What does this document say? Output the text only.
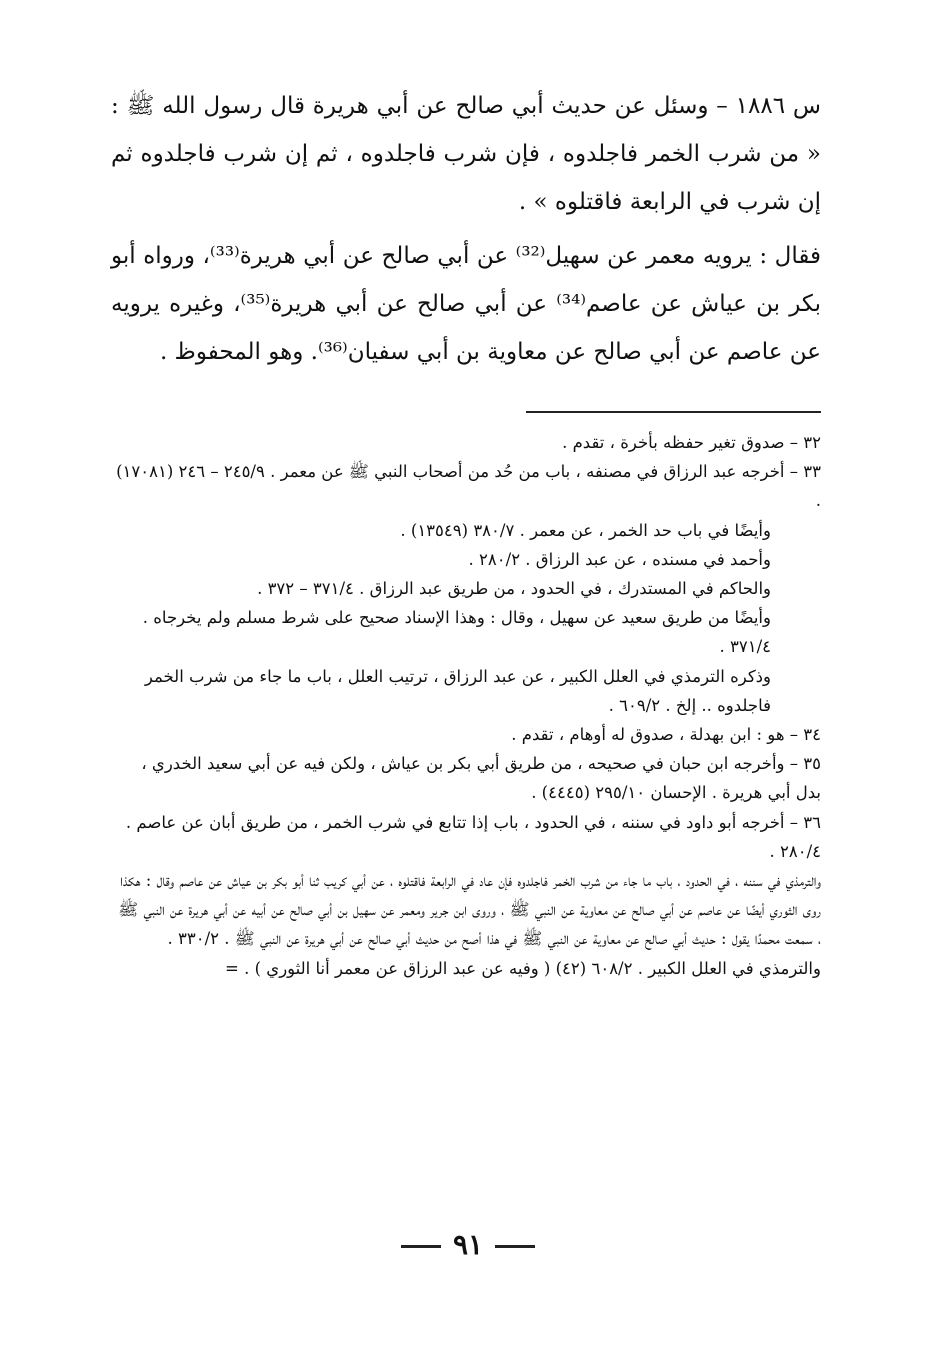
س ١٨٨٦ – وسئل عن حديث أبي صالح عن أبي هريرة قال رسول الله ﷺ : « من شرب الخمر فاجلدوه ، فإن شرب فاجلدوه ، ثم إن شرب فاجلدوه ثم إن شرب في الرابعة فاقتلوه » .

فقال : يرويه معمر عن سهيل⁽³²⁾ عن أبي صالح عن أبي هريرة⁽³³⁾، ورواه أبو بكر بن عياش عن عاصم⁽³⁴⁾ عن أبي صالح عن أبي هريرة⁽³⁵⁾، وغيره يرويه عن عاصم عن أبي صالح عن معاوية بن أبي سفيان⁽³⁶⁾. وهو المحفوظ .

٣٢ – صدوق تغير حفظه بأخرة ، تقدم .

٣٣ – أخرجه عبد الرزاق في مصنفه ، باب من حُد من أصحاب النبي ﷺ عن معمر . ٢٤٥/٩ – ٢٤٦ (١٧٠٨١) .

وأيضًا في باب حد الخمر ، عن معمر . ٣٨٠/٧ (١٣٥٤٩) .

وأحمد في مسنده ، عن عبد الرزاق . ٢٨٠/٢ .

والحاكم في المستدرك ، في الحدود ، من طريق عبد الرزاق . ٣٧١/٤ – ٣٧٢ .

وأيضًا من طريق سعيد عن سهيل ، وقال : وهذا الإسناد صحيح على شرط مسلم ولم يخرجاه . ٣٧١/٤ .

وذكره الترمذي في العلل الكبير ، عن عبد الرزاق ، ترتيب العلل ، باب ما جاء من شرب الخمر فاجلدوه .. إلخ . ٦٠٩/٢ .

٣٤ – هو : ابن بهدلة ، صدوق له أوهام ، تقدم .

٣٥ – وأخرجه ابن حبان في صحيحه ، من طريق أبي بكر بن عياش ، ولكن فيه عن أبي سعيد الخدري ، بدل أبي هريرة . الإحسان ٢٩٥/١٠ (٤٤٤٥) .

٣٦ – أخرجه أبو داود في سننه ، في الحدود ، باب إذا تتابع في شرب الخمر ، من طريق أبان عن عاصم . ٢٨٠/٤ .

والترمذي في سننه ، في الحدود ، باب ما جاء من شرب الخمر فاجلدوه فإن عاد في الرابعة فاقتلوه ، عن أبي كريب ثنا أبو بكر بن عياش عن عاصم وقال : هكذا روى الثوري أيضًا عن عاصم عن أبي صالح عن معاوية عن النبي ﷺ ، وروى ابن جرير ومعمر عن سهيل بن أبي صالح عن أبيه عن أبي هريرة عن النبي ﷺ ، سمعت محمدًا يقول : حديث أبي صالح عن معاوية عن النبي ﷺ في هذا أصح من حديث أبي صالح عن أبي هريرة عن النبي ﷺ . ٣٣٠/٢ .

والترمذي في العلل الكبير . ٦٠٨/٢ (٤٢) ( وفيه عن عبد الرزاق عن معمر أنا الثوري ) . =

٩١
